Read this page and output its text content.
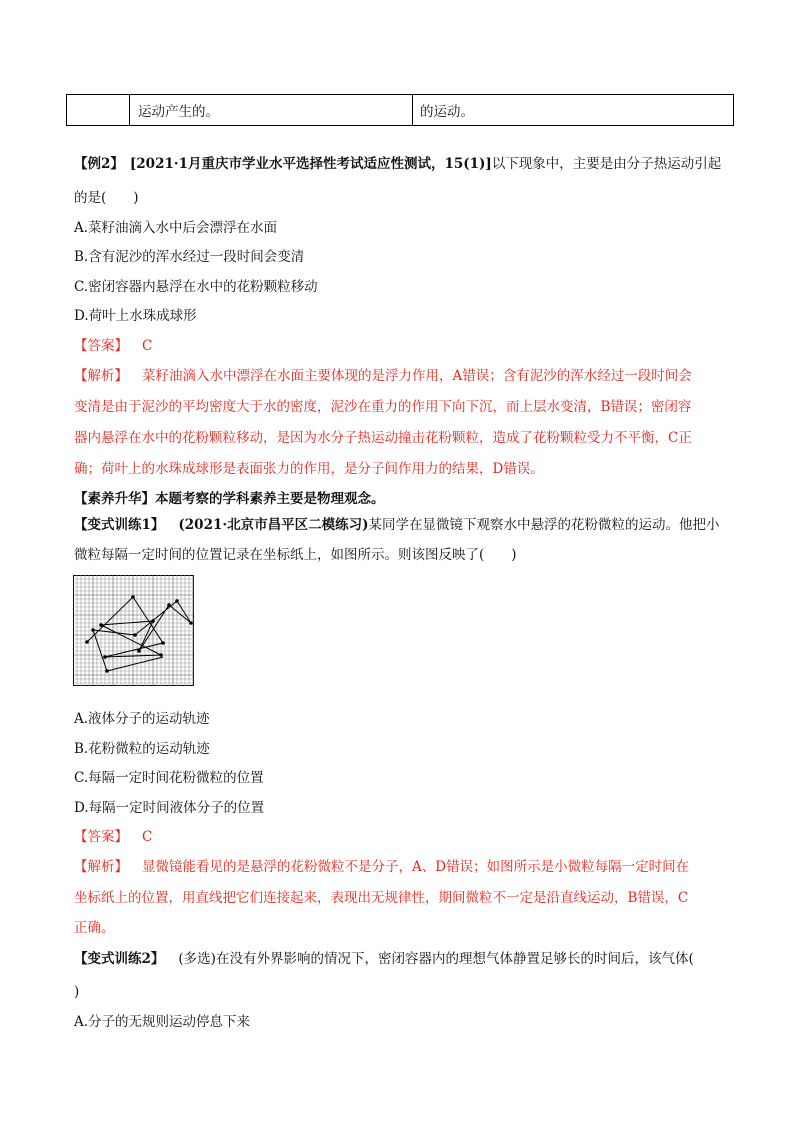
运动产生的。	的运动。
【例2】 [2021·1月重庆市学业水平选择性考试适应性测试，15(1)]以下现象中，主要是由分子热运动引起
的是(　　)
A.菜籽油滴入水中后会漂浮在水面
B.含有泥沙的浑水经过一段时间会变清
C.密闭容器内悬浮在水中的花粉颗粒移动
D.荷叶上水珠成球形
【答案】 C
【解析】 菜籽油滴入水中漂浮在水面主要体现的是浮力作用，A错误；含有泥沙的浑水经过一段时间会
变清是由于泥沙的平均密度大于水的密度，泥沙在重力的作用下向下沉，而上层水变清，B错误；密闭容
器内悬浮在水中的花粉颗粒移动，是因为水分子热运动撞击花粉颗粒，造成了花粉颗粒受力不平衡，C正
确；荷叶上的水珠成球形是表面张力的作用，是分子间作用力的结果，D错误。
【素养升华】本题考察的学科素养主要是物理观念。
【变式训练1】 (2021·北京市昌平区二模练习)某同学在显微镜下观察水中悬浮的花粉微粒的运动。他把小
微粒每隔一定时间的位置记录在坐标纸上，如图所示。则该图反映了(　　)
A.液体分子的运动轨迹
B.花粉微粒的运动轨迹
C.每隔一定时间花粉微粒的位置
D.每隔一定时间液体分子的位置
【答案】 C
【解析】 显微镜能看见的是悬浮的花粉微粒不是分子，A、D错误；如图所示是小微粒每隔一定时间在
坐标纸上的位置，用直线把它们连接起来，表现出无规律性，期间微粒不一定是沿直线运动，B错误，C
正确。
【变式训练2】 (多选)在没有外界影响的情况下，密闭容器内的理想气体静置足够长的时间后，该气体(
)
A.分子的无规则运动停息下来
